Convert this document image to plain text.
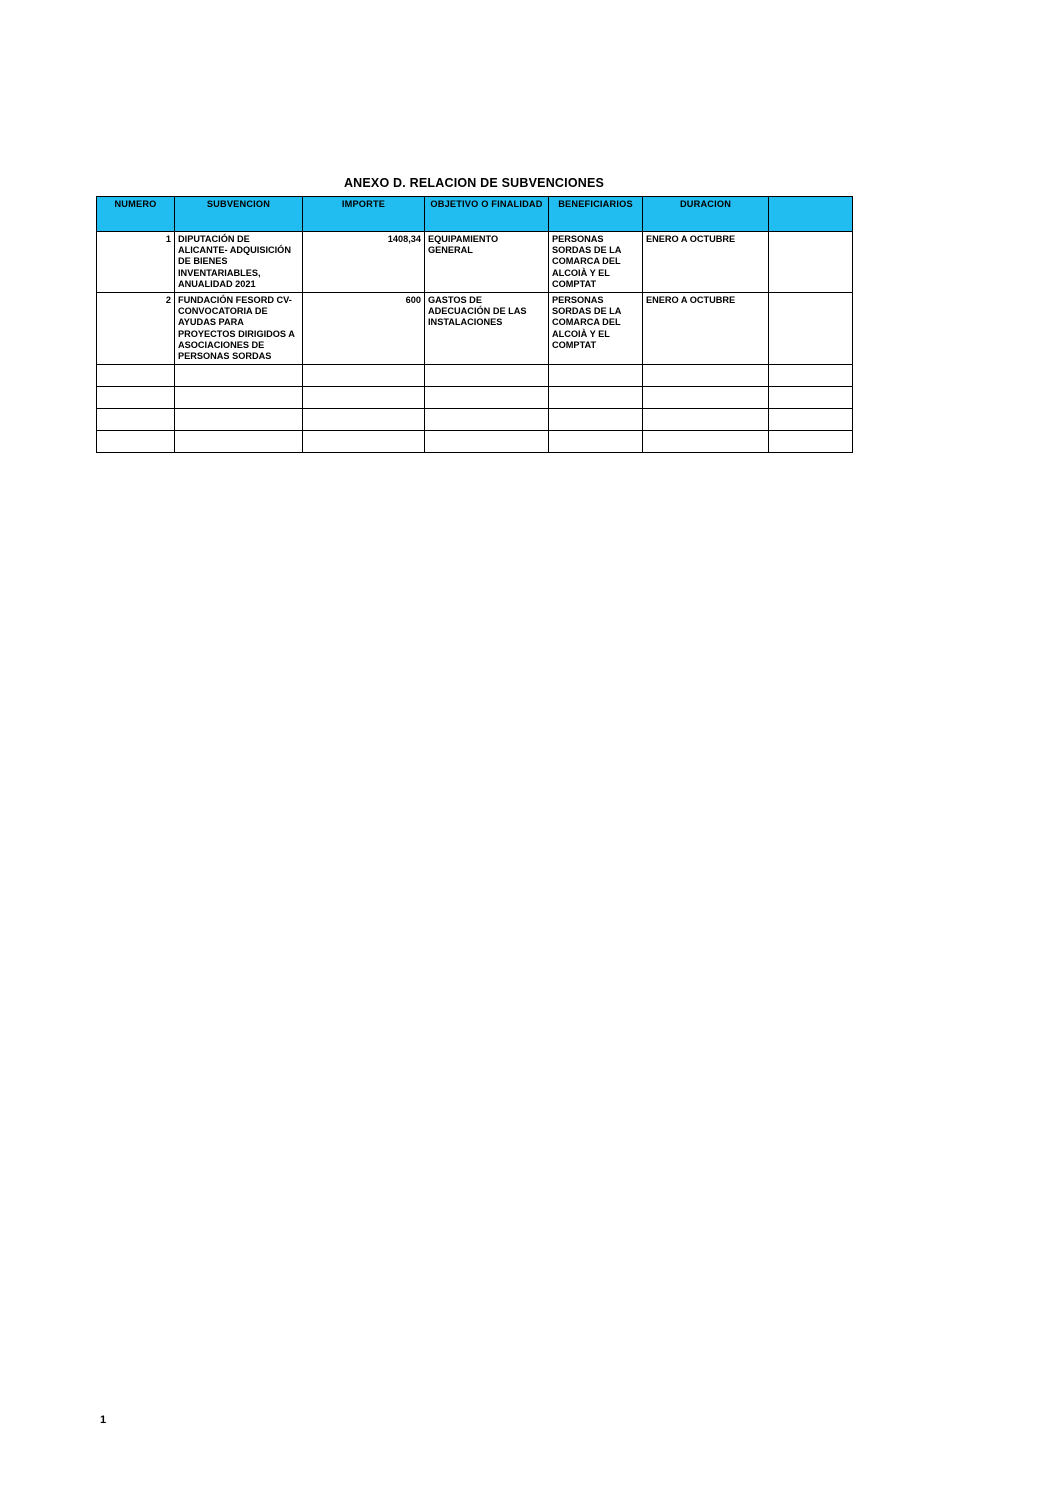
ANEXO D. RELACION DE SUBVENCIONES
NUMERO	SUBVENCION	IMPORTE	OBJETIVO O FINALIDAD	BENEFICIARIOS	DURACION	
1	DIPUTACIÓN DE ALICANTE- ADQUISICIÓN DE BIENES INVENTARIABLES, ANUALIDAD 2021	1408,34	EQUIPAMIENTO GENERAL	PERSONAS SORDAS DE LA COMARCA DEL ALCOIÀ Y EL COMPTAT	ENERO A OCTUBRE	
2	FUNDACIÓN FESORD CV- CONVOCATORIA DE AYUDAS PARA PROYECTOS DIRIGIDOS A ASOCIACIONES DE PERSONAS SORDAS	600	GASTOS DE ADECUACIÓN DE LAS INSTALACIONES	PERSONAS SORDAS DE LA COMARCA DEL ALCOIÀ Y EL COMPTAT	ENERO A OCTUBRE	

1
